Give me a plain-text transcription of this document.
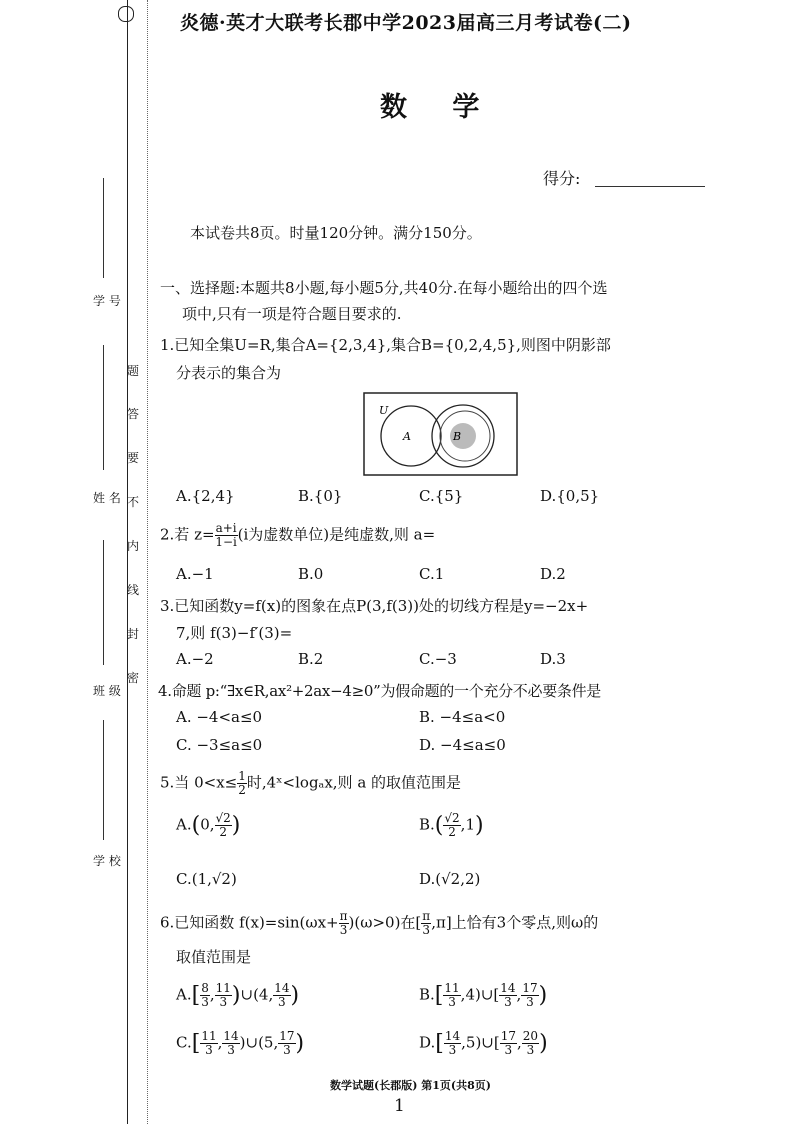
学 号
姓 名
班 级
学 校
题
答
要
不
内
线
封
密
炎德·英才大联考长郡中学2023届高三月考试卷(二)
数 学
得分:
本试卷共8页。时量120分钟。满分150分。
一、选择题:本题共8小题,每小题5分,共40分.在每小题给出的四个选
项中,只有一项是符合题目要求的.
1.已知全集U=R,集合A={2,3,4},集合B={0,2,4,5},则图中阴影部
分表示的集合为
U
A	B
A.{2,4}	B.{0}	C.{5}	D.{0,5}
2.若 $z= \frac{a+i}{1-i} (i$为虚数单位)是纯虚数,则 a=
A.−1	B.0	C.1	D.2
3.已知函数y=f(x)的图象在点P(3,f(3))处的切线方程是y=−2x+
7,则 f(3)−f′(3)=
A.−2	B.2	C.−3	D.3
4.命题 p:“∃x∈R,ax²+2ax−4≥0”为假命题的一个充分不必要条件是
A. −4<a≤0	B. −4≤a<0
C. −3≤a≤0	D. −4≤a≤0
5.当 $0<x\le \frac{1}{2}$ 时,4ˣ<logₐx,则 a 的取值范围是
A.(0, $\frac{√2}{2}$ )	$B.( \frac{√2}{2} ,1)$
C.(1,√2)	D.(√2,2)
6.已知函数 $f(x)=\sin(\omega x+ \frac{\pi}{3} )(\omega>0)$在[ $\frac{\pi}{3} ,\pi$]上恰有3个零点,则ω的
取值范围是
$A.[ \frac{8}{3}$ , $\frac{11}{3}$ )∪(4, $\frac{14}{3}$ )	$B.[ \frac{11}{3}$ ,4)∪[ $\frac{14}{3}$ , $\frac{17}{3}$ )
$C.[ \frac{11}{3}$ , $\frac{14}{3}$ )∪(5, $\frac{17}{3}$ )	$D.[ \frac{14}{3}$ ,5)∪[ $\frac{17}{3}$ , $\frac{20}{3}$ )
数学试题(长郡版) 第1页(共8页)
1
